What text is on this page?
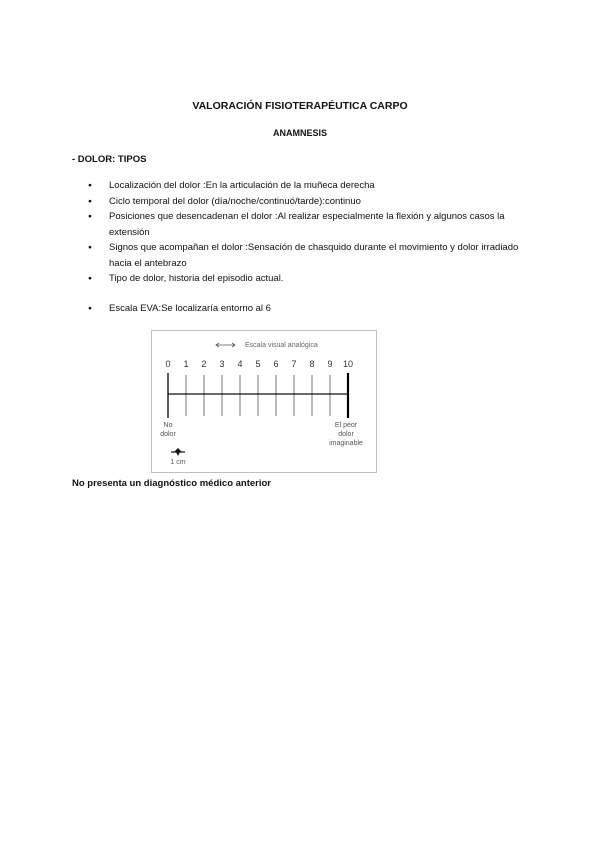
VALORACIÓN FISIOTERAPÉUTICA CARPO
ANAMNESIS
- DOLOR: TIPOS
● Localización del dolor :En la articulación de la muñeca derecha
● Ciclo temporal del dolor (día/noche/continuó/tarde):continuo
● Posiciones que desencadenan el dolor :Al realizar especialmente la flexión y algunos casos la extensión
● Signos que acompañan el dolor :Sensación de chasquido durante el movimiento y dolor irradiado hacia el antebrazo
● Tipo de dolor, historia del episodio actual.
● Escala EVA:Se localizaría entorno al 6
Escala visual analógica
0 1 2 3 4 5 6 7 8 9 10
No
dolor
El peor
dolor
imaginable
1 cm
No presenta un diagnóstico médico anterior
